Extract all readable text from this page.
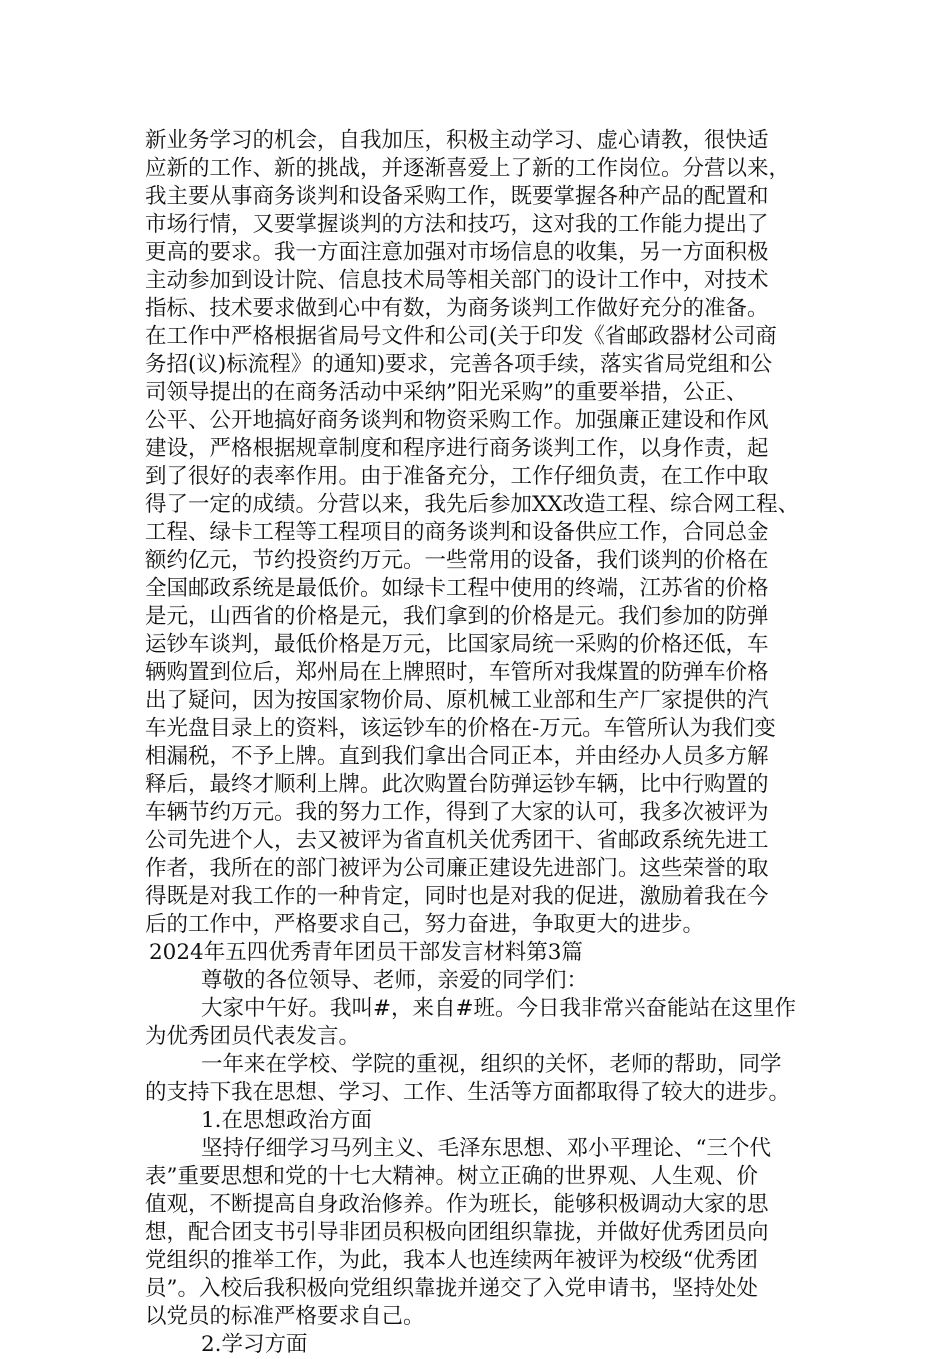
新业务学习的机会，自我加压，积极主动学习、虚心请教，很快适
应新的工作、新的挑战，并逐渐喜爱上了新的工作岗位。分营以来，
我主要从事商务谈判和设备采购工作，既要掌握各种产品的配置和
市场行情，又要掌握谈判的方法和技巧，这对我的工作能力提出了
更高的要求。我一方面注意加强对市场信息的收集，另一方面积极
主动参加到设计院、信息技术局等相关部门的设计工作中，对技术
指标、技术要求做到心中有数，为商务谈判工作做好充分的准备。
在工作中严格根据省局号文件和公司(关于印发《省邮政器材公司商
务招(议)标流程》的通知)要求，完善各项手续，落实省局党组和公
司领导提出的在商务活动中采纳”阳光采购”的重要举措，公正、
公平、公开地搞好商务谈判和物资采购工作。加强廉正建设和作风
建设，严格根据规章制度和程序进行商务谈判工作，以身作责，起
到了很好的表率作用。由于准备充分，工作仔细负责，在工作中取
得了一定的成绩。分营以来，我先后参加XX改造工程、综合网工程、
工程、绿卡工程等工程项目的商务谈判和设备供应工作，合同总金
额约亿元，节约投资约万元。一些常用的设备，我们谈判的价格在
全国邮政系统是最低价。如绿卡工程中使用的终端，江苏省的价格
是元，山西省的价格是元，我们拿到的价格是元。我们参加的防弹
运钞车谈判，最低价格是万元，比国家局统一采购的价格还低，车
辆购置到位后，郑州局在上牌照时，车管所对我煤置的防弹车价格
出了疑问，因为按国家物价局、原机械工业部和生产厂家提供的汽
车光盘目录上的资料，该运钞车的价格在-万元。车管所认为我们变
相漏税，不予上牌。直到我们拿出合同正本，并由经办人员多方解
释后，最终才顺利上牌。此次购置台防弹运钞车辆，比中行购置的
车辆节约万元。我的努力工作，得到了大家的认可，我多次被评为
公司先进个人，去又被评为省直机关优秀团干、省邮政系统先进工
作者，我所在的部门被评为公司廉正建设先进部门。这些荣誉的取
得既是对我工作的一种肯定，同时也是对我的促进，激励着我在今
后的工作中，严格要求自己，努力奋进，争取更大的进步。
2024年五四优秀青年团员干部发言材料第3篇
尊敬的各位领导、老师，亲爱的同学们：
大家中午好。我叫#，来自#班。今日我非常兴奋能站在这里作
为优秀团员代表发言。
一年来在学校、学院的重视，组织的关怀，老师的帮助，同学
的支持下我在思想、学习、工作、生活等方面都取得了较大的进步。
1.在思想政治方面
坚持仔细学习马列主义、毛泽东思想、邓小平理论、“三个代
表”重要思想和党的十七大精神。树立正确的世界观、人生观、价
值观，不断提高自身政治修养。作为班长，能够积极调动大家的思
想，配合团支书引导非团员积极向团组织靠拢，并做好优秀团员向
党组织的推举工作，为此，我本人也连续两年被评为校级“优秀团
员”。入校后我积极向党组织靠拢并递交了入党申请书，坚持处处
以党员的标准严格要求自己。
2.学习方面
